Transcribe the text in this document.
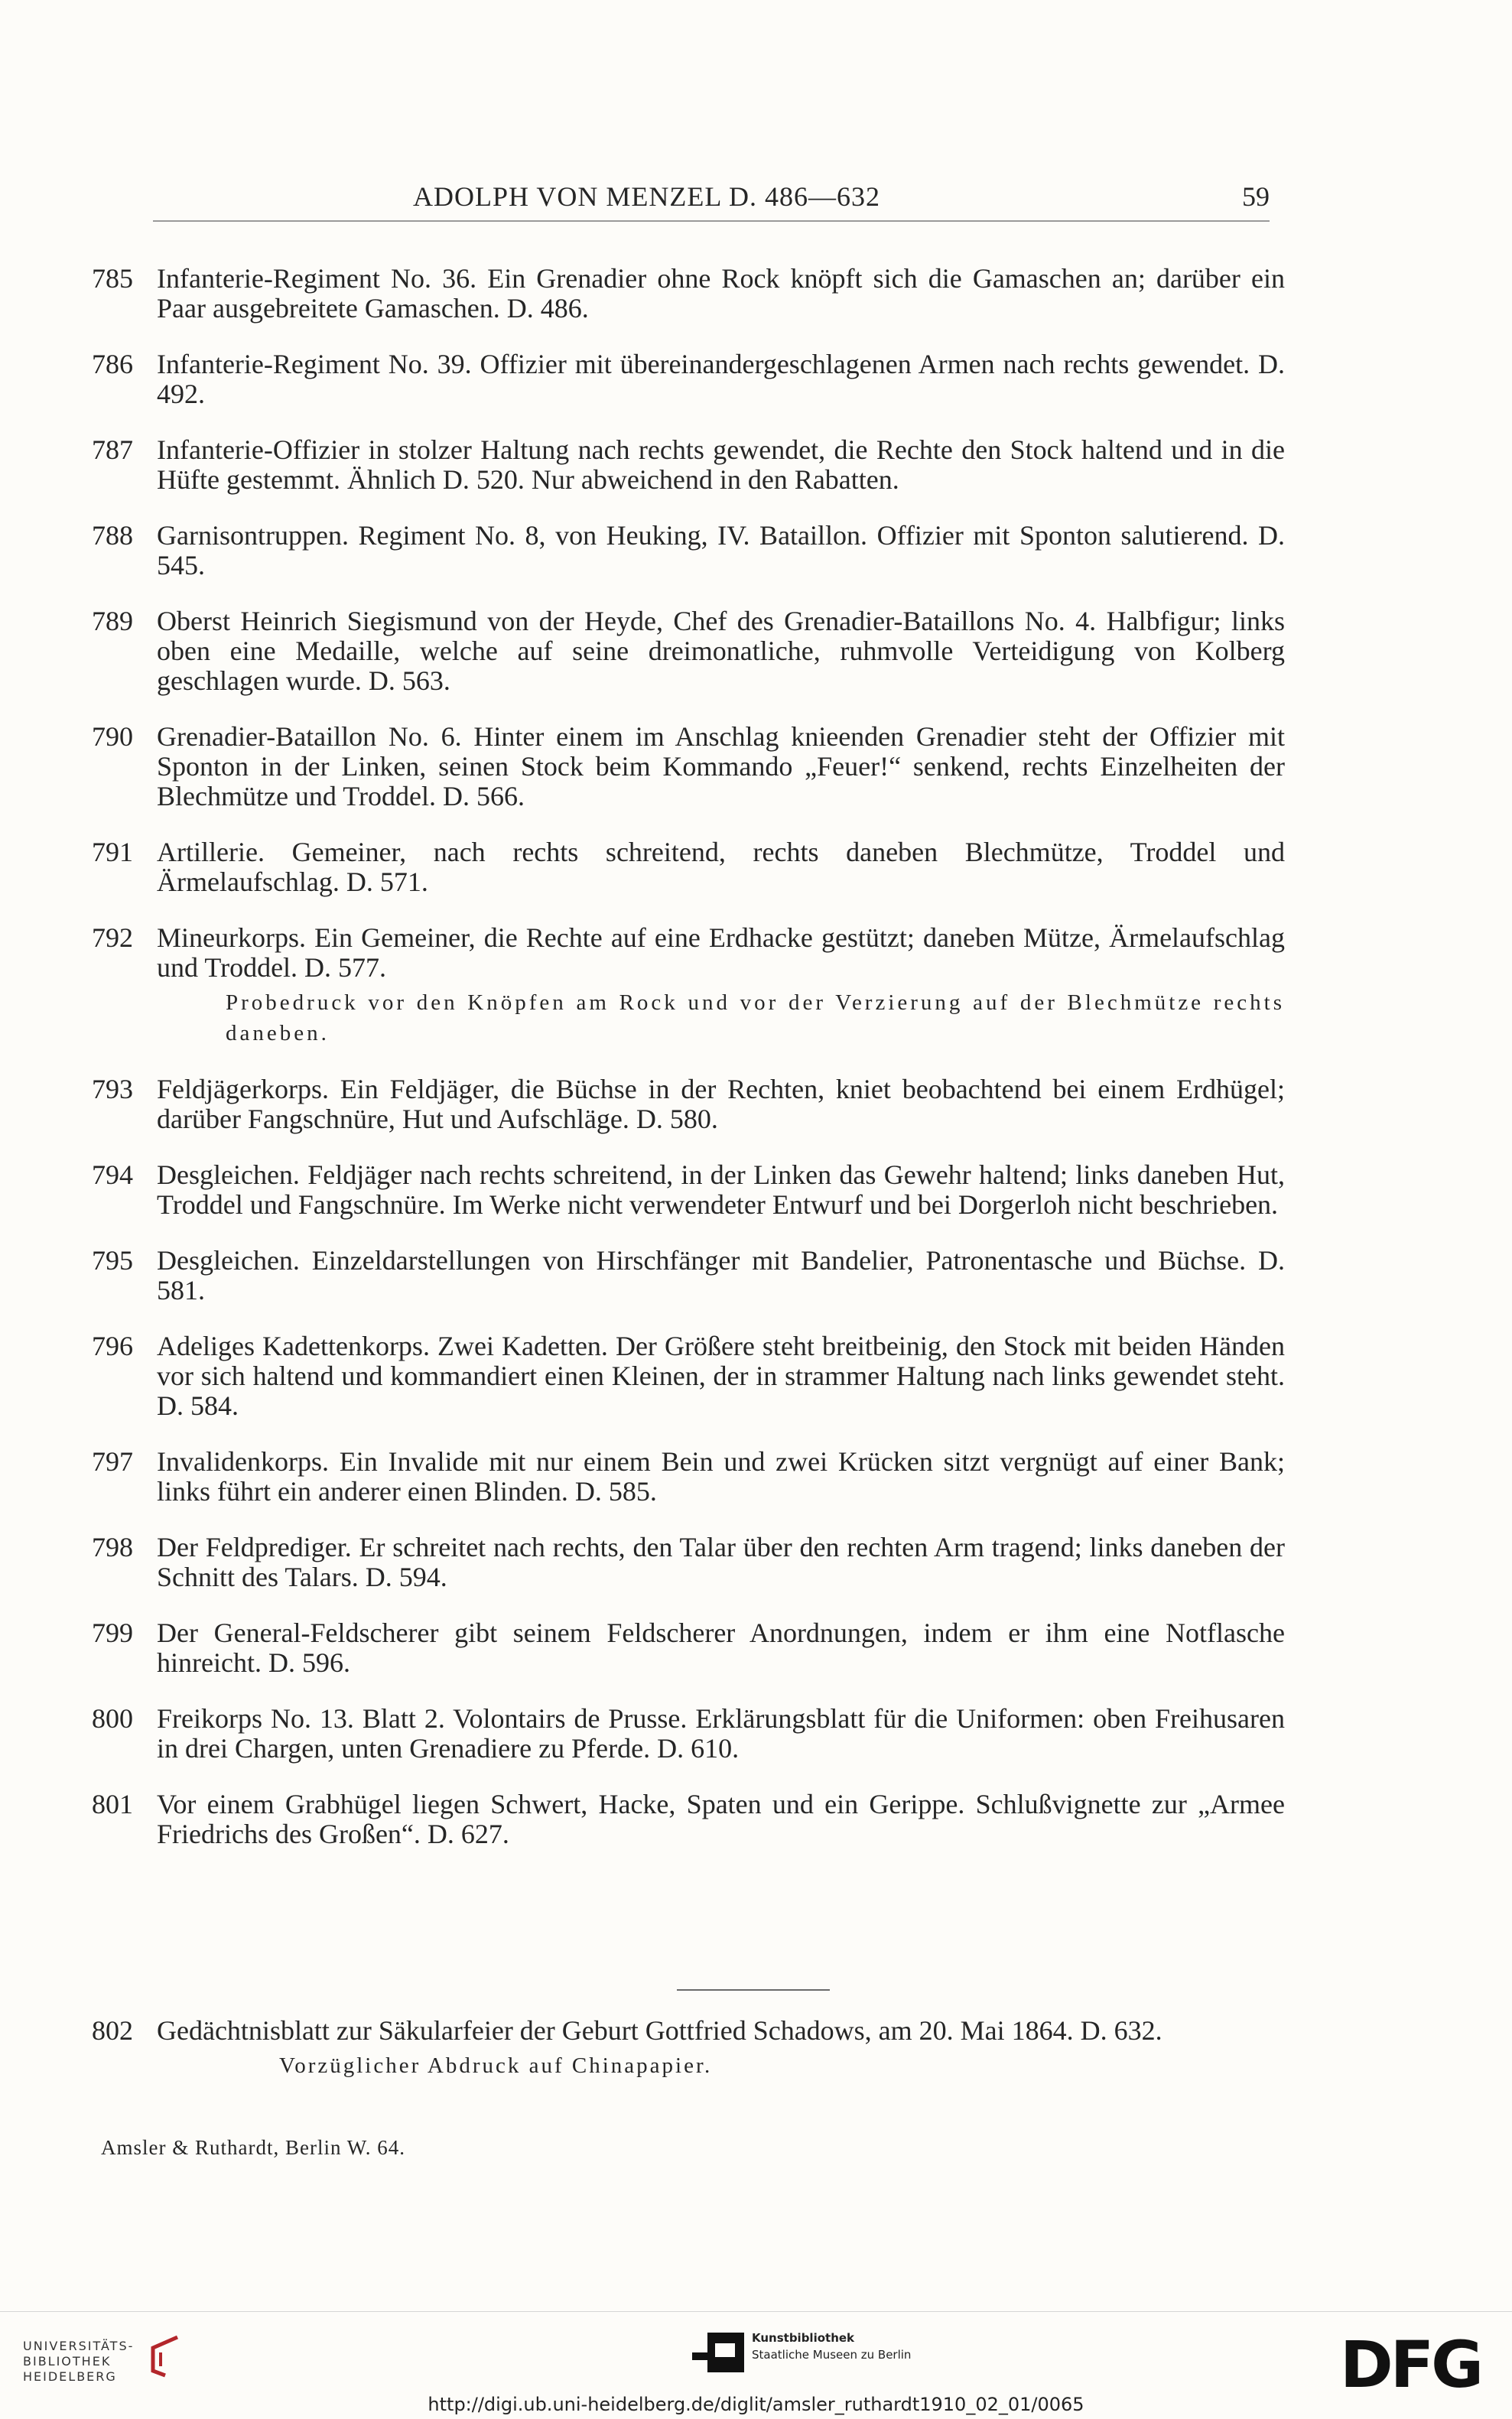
ADOLPH VON MENZEL D. 486—632	59
785 Infanterie-Regiment No. 36. Ein Grenadier ohne Rock knöpft sich die Gamaschen an; darüber ein Paar ausgebreitete Gamaschen. D. 486.
786 Infanterie-Regiment No. 39. Offizier mit übereinandergeschlagenen Armen nach rechts gewendet. D. 492.
787 Infanterie-Offizier in stolzer Haltung nach rechts gewendet, die Rechte den Stock haltend und in die Hüfte gestemmt. Ähnlich D. 520. Nur abweichend in den Rabatten.
788 Garnisontruppen. Regiment No. 8, von Heuking, IV. Bataillon. Offizier mit Sponton salutierend. D. 545.
789 Oberst Heinrich Siegismund von der Heyde, Chef des Grenadier-Bataillons No. 4. Halbfigur; links oben eine Medaille, welche auf seine dreimonatliche, ruhmvolle Verteidigung von Kolberg geschlagen wurde. D. 563.
790 Grenadier-Bataillon No. 6. Hinter einem im Anschlag knieenden Grenadier steht der Offizier mit Sponton in der Linken, seinen Stock beim Kommando „Feuer!“ senkend, rechts Einzelheiten der Blechmütze und Troddel. D. 566.
791 Artillerie. Gemeiner, nach rechts schreitend, rechts daneben Blechmütze, Troddel und Ärmelaufschlag. D. 571.
792 Mineurkorps. Ein Gemeiner, die Rechte auf eine Erdhacke gestützt; daneben Mütze, Ärmelaufschlag und Troddel. D. 577.
Probedruck vor den Knöpfen am Rock und vor der Verzierung auf der Blechmütze rechts daneben.
793 Feldjägerkorps. Ein Feldjäger, die Büchse in der Rechten, kniet beobachtend bei einem Erdhügel; darüber Fangschnüre, Hut und Aufschläge. D. 580.
794 Desgleichen. Feldjäger nach rechts schreitend, in der Linken das Gewehr haltend; links daneben Hut, Troddel und Fangschnüre. Im Werke nicht verwendeter Entwurf und bei Dorgerloh nicht beschrieben.
795 Desgleichen. Einzeldarstellungen von Hirschfänger mit Bandelier, Patronentasche und Büchse. D. 581.
796 Adeliges Kadettenkorps. Zwei Kadetten. Der Größere steht breitbeinig, den Stock mit beiden Händen vor sich haltend und kommandiert einen Kleinen, der in strammer Haltung nach links gewendet steht. D. 584.
797 Invalidenkorps. Ein Invalide mit nur einem Bein und zwei Krücken sitzt vergnügt auf einer Bank; links führt ein anderer einen Blinden. D. 585.
798 Der Feldprediger. Er schreitet nach rechts, den Talar über den rechten Arm tragend; links daneben der Schnitt des Talars. D. 594.
799 Der General-Feldscherer gibt seinem Feldscherer Anordnungen, indem er ihm eine Notflasche hinreicht. D. 596.
800 Freikorps No. 13. Blatt 2. Volontairs de Prusse. Erklärungsblatt für die Uniformen: oben Freihusaren in drei Chargen, unten Grenadiere zu Pferde. D. 610.
801 Vor einem Grabhügel liegen Schwert, Hacke, Spaten und ein Gerippe. Schlußvignette zur „Armee Friedrichs des Großen“. D. 627.
802 Gedächtnisblatt zur Säkularfeier der Geburt Gottfried Schadows, am 20. Mai 1864. D. 632.
Vorzüglicher Abdruck auf Chinapapier.
Amsler & Ruthardt, Berlin W. 64.
UNIVERSITÄTS-
BIBLIOTHEK
HEIDELBERG
Kunstbibliothek
Staatliche Museen zu Berlin	DFG
http://digi.ub.uni-heidelberg.de/diglit/amsler_ruthardt1910_02_01/0065
